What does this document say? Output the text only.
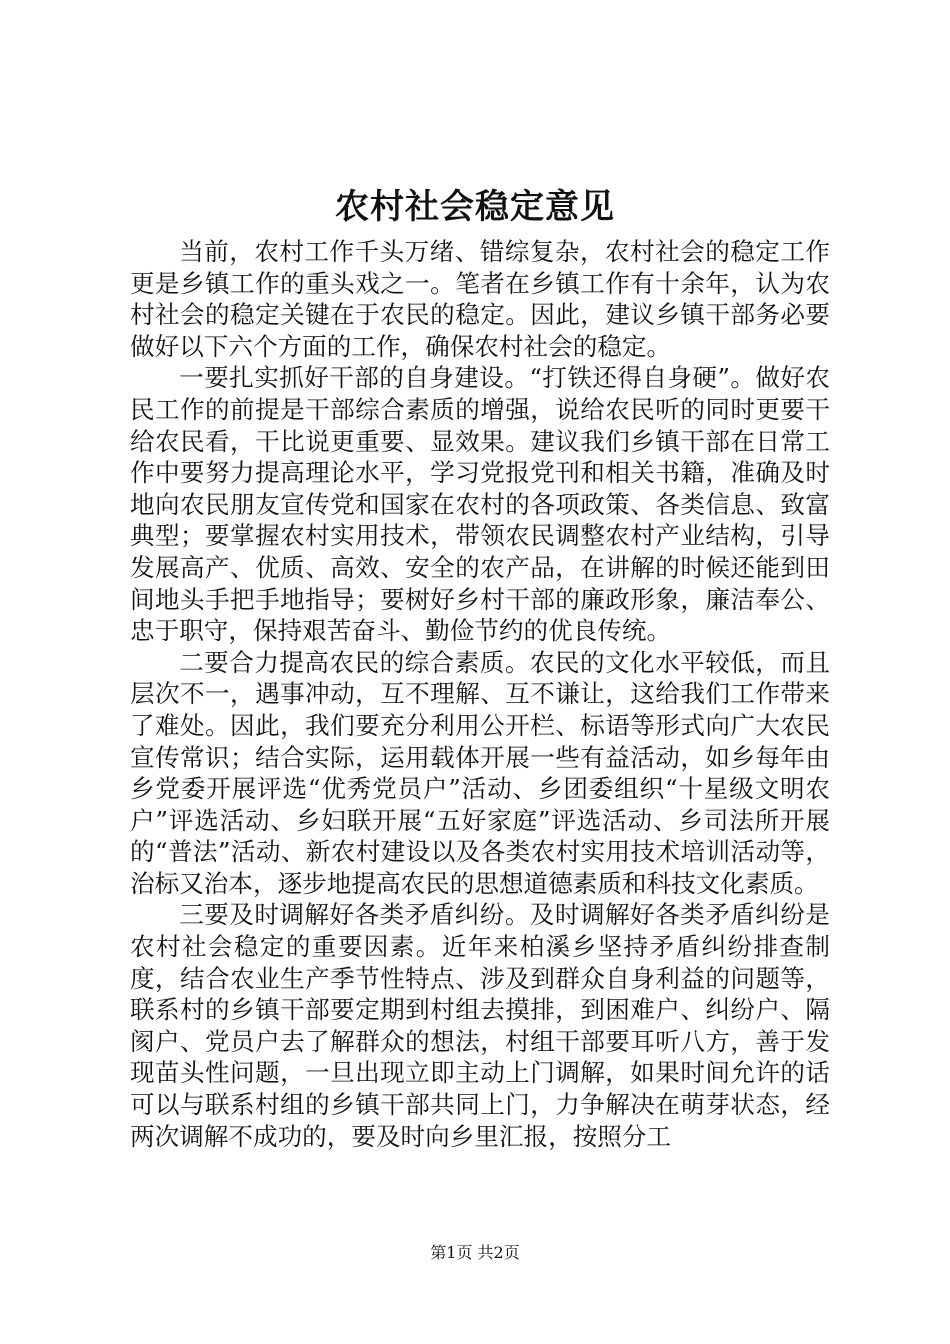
农村社会稳定意见

当前，农村工作千头万绪、错综复杂，农村社会的稳定工作更是乡镇工作的重头戏之一。笔者在乡镇工作有十余年，认为农村社会的稳定关键在于农民的稳定。因此，建议乡镇干部务必要做好以下六个方面的工作，确保农村社会的稳定。

一要扎实抓好干部的自身建设。“打铁还得自身硬”。做好农民工作的前提是干部综合素质的增强，说给农民听的同时更要干给农民看，干比说更重要、显效果。建议我们乡镇干部在日常工作中要努力提高理论水平，学习党报党刊和相关书籍，准确及时地向农民朋友宣传党和国家在农村的各项政策、各类信息、致富典型；要掌握农村实用技术，带领农民调整农村产业结构，引导发展高产、优质、高效、安全的农产品，在讲解的时候还能到田间地头手把手地指导；要树好乡村干部的廉政形象，廉洁奉公、忠于职守，保持艰苦奋斗、勤俭节约的优良传统。

二要合力提高农民的综合素质。农民的文化水平较低，而且层次不一，遇事冲动，互不理解、互不谦让，这给我们工作带来了难处。因此，我们要充分利用公开栏、标语等形式向广大农民宣传常识；结合实际，运用载体开展一些有益活动，如乡每年由乡党委开展评选“优秀党员户”活动、乡团委组织“十星级文明农户”评选活动、乡妇联开展“五好家庭”评选活动、乡司法所开展的“普法”活动、新农村建设以及各类农村实用技术培训活动等，治标又治本，逐步地提高农民的思想道德素质和科技文化素质。

三要及时调解好各类矛盾纠纷。及时调解好各类矛盾纠纷是农村社会稳定的重要因素。近年来柏溪乡坚持矛盾纠纷排查制度，结合农业生产季节性特点、涉及到群众自身利益的问题等，联系村的乡镇干部要定期到村组去摸排，到困难户、纠纷户、隔阂户、党员户去了解群众的想法，村组干部要耳听八方，善于发现苗头性问题，一旦出现立即主动上门调解，如果时间允许的话可以与联系村组的乡镇干部共同上门，力争解决在萌芽状态，经两次调解不成功的，要及时向乡里汇报，按照分工

第1页 共2页
